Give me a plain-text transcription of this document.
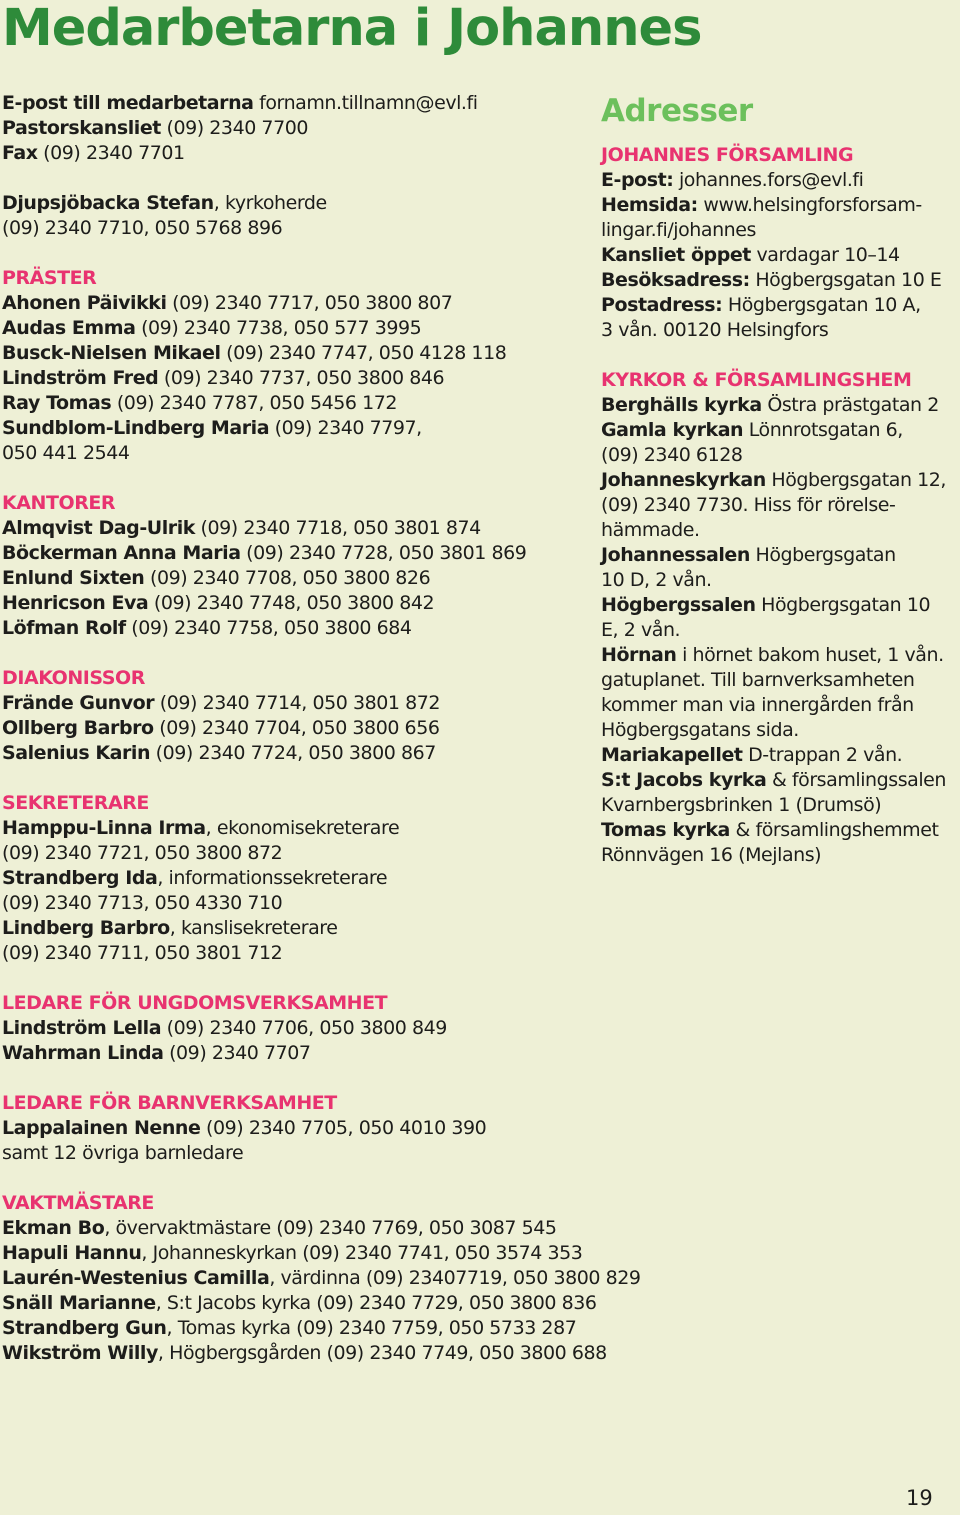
Medarbetarna i Johannes
E-post till medarbetarna fornamn.tillnamn@evl.fi
Pastorskansliet (09) 2340 7700
Fax (09) 2340 7701
Djupsjöbacka Stefan, kyrkoherde
(09) 2340 7710, 050 5768 896
PRÄSTER
Ahonen Päivikki (09) 2340 7717, 050 3800 807
Audas Emma (09) 2340 7738, 050 577 3995
Busck-Nielsen Mikael (09) 2340 7747, 050 4128 118
Lindström Fred (09) 2340 7737, 050 3800 846
Ray Tomas (09) 2340 7787, 050 5456 172
Sundblom-Lindberg Maria (09) 2340 7797,
050 441 2544
KANTORER
Almqvist Dag-Ulrik (09) 2340 7718, 050 3801 874
Böckerman Anna Maria (09) 2340 7728, 050 3801 869
Enlund Sixten (09) 2340 7708, 050 3800 826
Henricson Eva (09) 2340 7748, 050 3800 842
Löfman Rolf (09) 2340 7758, 050 3800 684
DIAKONISSOR
Frände Gunvor (09) 2340 7714, 050 3801 872
Ollberg Barbro (09) 2340 7704, 050 3800 656
Salenius Karin (09) 2340 7724, 050 3800 867
SEKRETERARE
Hamppu-Linna Irma, ekonomisekreterare
(09) 2340 7721, 050 3800 872
Strandberg Ida, informationssekreterare
(09) 2340 7713, 050 4330 710
Lindberg Barbro, kanslisekreterare
(09) 2340 7711, 050 3801 712
LEDARE FÖR UNGDOMSVERKSAMHET
Lindström Lella (09) 2340 7706, 050 3800 849
Wahrman Linda (09) 2340 7707
LEDARE FÖR BARNVERKSAMHET
Lappalainen Nenne (09) 2340 7705, 050 4010 390
samt 12 övriga barnledare
VAKTMÄSTARE
Ekman Bo, övervaktmästare (09) 2340 7769, 050 3087 545
Hapuli Hannu, Johanneskyrkan (09) 2340 7741, 050 3574 353
Laurén-Westenius Camilla, värdinna (09) 23407719, 050 3800 829
Snäll Marianne, S:t Jacobs kyrka (09) 2340 7729, 050 3800 836
Strandberg Gun, Tomas kyrka (09) 2340 7759, 050 5733 287
Wikström Willy, Högbergsgården (09) 2340 7749, 050 3800 688
Adresser
JOHANNES FÖRSAMLING
E-post: johannes.fors@evl.fi
Hemsida: www.helsingforsforsam-
lingar.fi/johannes
Kansliet öppet vardagar 10–14
Besöksadress: Högbergsgatan 10 E
Postadress: Högbergsgatan 10 A,
3 vån. 00120 Helsingfors
KYRKOR & FÖRSAMLINGSHEM
Berghälls kyrka Östra prästgatan 2
Gamla kyrkan Lönnrotsgatan 6,
(09) 2340 6128
Johanneskyrkan Högbergsgatan 12,
(09) 2340 7730. Hiss för rörelse-
hämmade.
Johannessalen Högbergsgatan
10 D, 2 vån.
Högbergssalen Högbergsgatan 10
E, 2 vån.
Hörnan i hörnet bakom huset, 1 vån.
gatuplanet. Till barnverksamheten
kommer man via innergården från
Högbergsgatans sida.
Mariakapellet D-trappan 2 vån.
S:t Jacobs kyrka & församlingssalen
Kvarnbergsbrinken 1 (Drumsö)
Tomas kyrka & församlingshemmet
Rönnvägen 16 (Mejlans)
19
